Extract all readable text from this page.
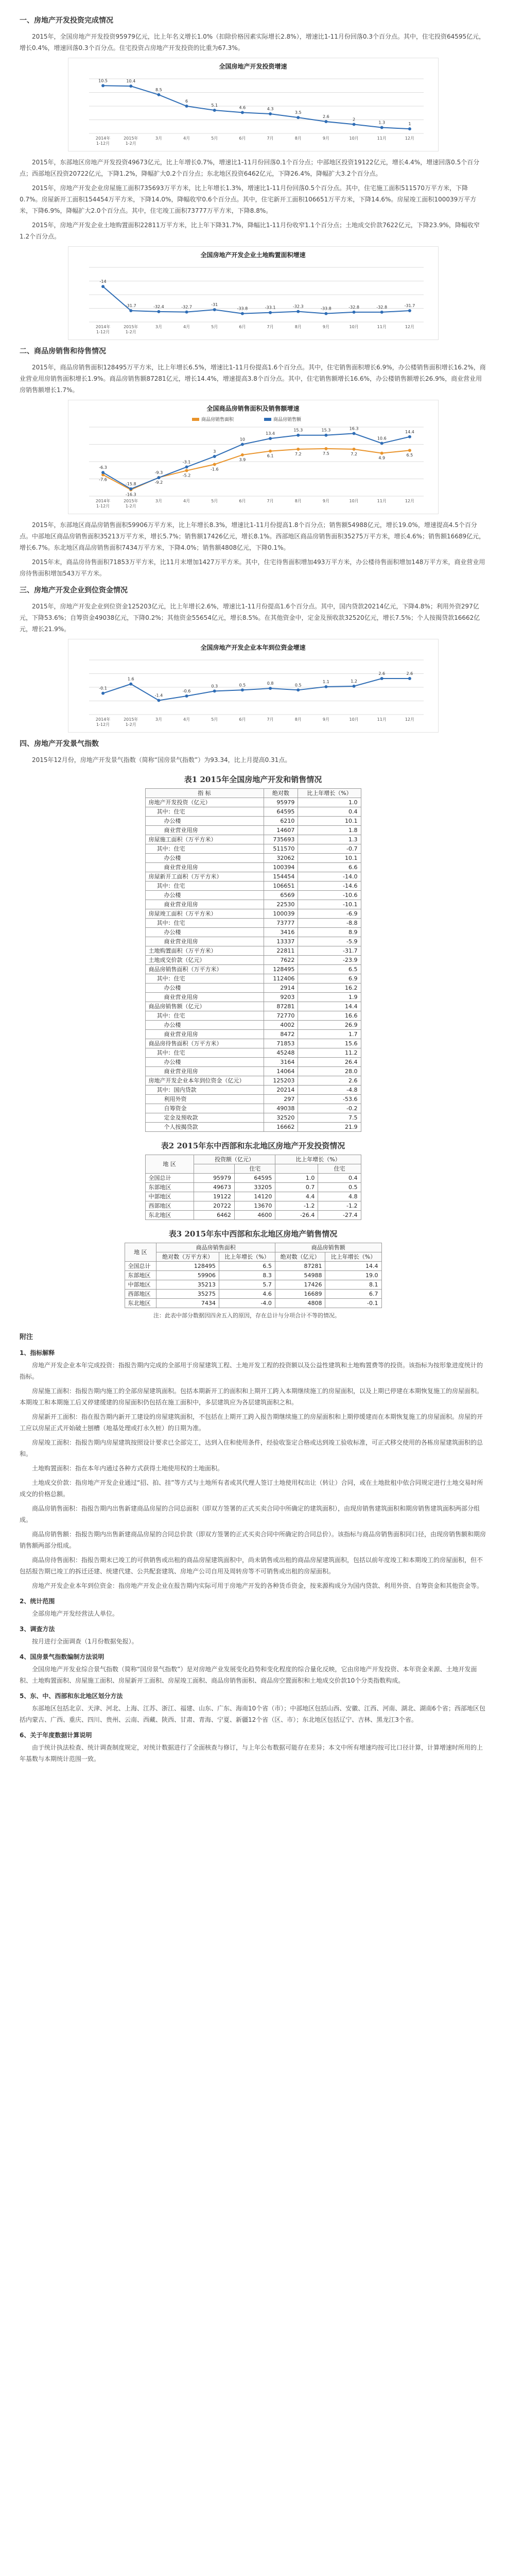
一、房地产开发投资完成情况

2015年，全国房地产开发投资95979亿元，比上年名义增长1.0%（扣除价格因素实际增长2.8%），增速比1-11月份回落0.3个百分点。其中，住宅投资64595亿元，增长0.4%，增速回落0.3个百分点。住宅投资占房地产开发投资的比重为67.3%。

全国房地产开发投资增速
2014年
1-12月
2015年
1-2月
3月	4月	5月	6月	7月	8月	9月	10月	11月	12月
10.5	10.4
8.5
6
5.1	4.6	4.3
3.5
2.6
2
1.3	1

2015年，东部地区房地产开发投资49673亿元，比上年增长0.7%，增速比1-11月份回落0.1个百分点；中部地区投资19122亿元，增长4.4%，增速回落0.5个百分点；西部地区投资20722亿元，下降1.2%，降幅扩大0.2个百分点；东北地区投资6462亿元，下降26.4%，降幅扩大3.2个百分点。

2015年，房地产开发企业房屋施工面积735693万平方米，比上年增长1.3%，增速比1-11月份回落0.5个百分点。其中，住宅施工面积511570万平方米，下降0.7%。房屋新开工面积154454万平方米，下降14.0%，降幅收窄0.6个百分点。其中，住宅新开工面积106651万平方米，下降14.6%。房屋竣工面积100039万平方米，下降6.9%，降幅扩大2.0个百分点。其中，住宅竣工面积73777万平方米，下降8.8%。

2015年，房地产开发企业土地购置面积22811万平方米，比上年下降31.7%，降幅比1-11月份收窄1.1个百分点；土地成交价款7622亿元，下降23.9%，降幅收窄1.2个百分点。

全国房地产开发企业土地购置面积增速
2014年
1-12月
2015年
1-2月
3月	4月	5月	6月	7月	8月	9月	10月	11月	12月
-14
-31.7	-32.4	-32.7
-31
-33.8	-33.1	-32.3	-33.8	-32.8	-32.8	-31.7
二、商品房销售和待售情况

2015年，商品房销售面积128495万平方米，比上年增长6.5%，增速比1-11月份提高1.6个百分点。其中，住宅销售面积增长6.9%，办公楼销售面积增长16.2%，商业营业用房销售面积增长1.9%。商品房销售额87281亿元，增长14.4%，增速提高3.8个百分点。其中，住宅销售额增长16.6%，办公楼销售额增长26.9%，商业营业用房销售额增长1.7%。

全国商品房销售面积及销售额增速
2014年
1-12月
2015年
1-2月
3月	4月	5月	6月	7月	8月	9月	10月	11月	12月
-7.6
-16.3
-9.2
-5.2
-1.6
3.9
6.1	7.2	7.5	7.2
4.9
6.5
-6.3
-15.8
-9.3
-3.1
3
10
13.4
15.3	15.3	16.3
10.6
14.4
商品房销售面积	商品房销售额

2015年，东部地区商品房销售面积59906万平方米，比上年增长8.3%，增速比1-11月份提高1.8个百分点；销售额54988亿元，增长19.0%，增速提高4.5个百分点。中部地区商品房销售面积35213万平方米，增长5.7%；销售额17426亿元，增长8.1%。西部地区商品房销售面积35275万平方米，增长4.6%；销售额16689亿元，增长6.7%。东北地区商品房销售面积7434万平方米，下降4.0%；销售额4808亿元，下降0.1%。

2015年末，商品房待售面积71853万平方米，比11月末增加1427万平方米。其中，住宅待售面积增加493万平方米，办公楼待售面积增加148万平方米，商业营业用房待售面积增加543万平方米。

三、房地产开发企业到位资金情况

2015年，房地产开发企业到位资金125203亿元，比上年增长2.6%，增速比1-11月份提高1.6个百分点。其中，国内贷款20214亿元，下降4.8%；利用外资297亿元，下降53.6%；自筹资金49038亿元，下降0.2%；其他资金55654亿元，增长8.5%。在其他资金中，定金及预收款32520亿元，增长7.5%；个人按揭贷款16662亿元，增长21.9%。

全国房地产开发企业本年到位资金增速
2014年
1-12月
2015年
1-2月
3月	4月	5月	6月	7月	8月	9月	10月	11月	12月
-0.1
1.6
-1.4
-0.6
0.3	0.5	0.8	0.5
1.1	1.2
2.6	2.6
四、房地产开发景气指数

2015年12月份，房地产开发景气指数（简称“国房景气指数”）为93.34，比上月提高0.31点。

表1 2015年全国房地产开发和销售情况
指 标	绝对数	比上年增长（%）
房地产开发投资（亿元）	95979	1.0
其中：住宅	64595	0.4
办公楼	6210	10.1
商业营业用房	14607	1.8
房屋施工面积（万平方米）	735693	1.3
其中：住宅	511570	-0.7
办公楼	32062	10.1
商业营业用房	100394	6.6
房屋新开工面积（万平方米）	154454	-14.0
其中：住宅	106651	-14.6
办公楼	6569	-10.6
商业营业用房	22530	-10.1
房屋竣工面积（万平方米）	100039	-6.9
其中：住宅	73777	-8.8
办公楼	3416	8.9
商业营业用房	13337	-5.9
土地购置面积（万平方米）	22811	-31.7
土地成交价款（亿元）	7622	-23.9
商品房销售面积（万平方米）	128495	6.5
其中：住宅	112406	6.9
办公楼	2914	16.2
商业营业用房	9203	1.9
商品房销售额（亿元）	87281	14.4
其中：住宅	72770	16.6
办公楼	4002	26.9
商业营业用房	8472	1.7
商品房待售面积（万平方米）	71853	15.6
其中：住宅	45248	11.2
办公楼	3164	26.4
商业营业用房	14064	28.0
房地产开发企业本年到位资金（亿元）	125203	2.6
其中：国内贷款	20214	-4.8
利用外资	297	-53.6
自筹资金	49038	-0.2
定金及预收款	32520	7.5
个人按揭贷款	16662	21.9
表2 2015年东中西部和东北地区房地产开发投资情况
地 区	投资额（亿元）		比上年增长（%）	
		住宅		住宅
全国总计	95979	64595	1.0	0.4
东部地区	49673	33205	0.7	0.5
中部地区	19122	14120	4.4	4.8
西部地区	20722	13670	-1.2	-1.2
东北地区	6462	4600	-26.4	-27.4
表3 2015年东中西部和东北地区房地产销售情况
地 区	商品房销售面积		商品房销售额	
	绝对数（万平方米）	比上年增长（%）	绝对数（亿元）	比上年增长（%）
全国总计	128495	6.5	87281	14.4
东部地区	59906	8.3	54988	19.0
中部地区	35213	5.7	17426	8.1
西部地区	35275	4.6	16689	6.7
东北地区	7434	-4.0	4808	-0.1
注：此表中部分数据因四舍五入的原因，存在总计与分项合计不等的情况。
附注
1、指标解释

房地产开发企业本年完成投资：指报告期内完成的全部用于房屋建筑工程、土地开发工程的投资额以及公益性建筑和土地购置费等的投资。该指标为按形象进度统计的指标。

房屋施工面积：指报告期内施工的全部房屋建筑面积。包括本期新开工的面积和上期开工跨入本期继续施工的房屋面积，以及上期已停建在本期恢复施工的房屋面积。本期竣工和本期施工后又停建缓建的房屋面积仍包括在施工面积中，多层建筑应为各层建筑面积之和。

房屋新开工面积：指在报告期内新开工建设的房屋建筑面积，不包括在上期开工跨入报告期继续施工的房屋面积和上期停缓建而在本期恢复施工的房屋面积。房屋的开工应以房屋正式开始破土刨槽（地基处理或打永久桩）的日期为准。

房屋竣工面积：指报告期内房屋建筑按照设计要求已全部完工，达到入住和使用条件，经验收鉴定合格或达到竣工验收标准，可正式移交使用的各栋房屋建筑面积的总和。

土地购置面积：指在本年内通过各种方式获得土地使用权的土地面积。

土地成交价款：指房地产开发企业通过“招、拍、挂”等方式与土地所有者或其代理人签订土地使用权出让（转让）合同，或在土地批租中依合同规定进行土地交易时所成交的价格总额。

商品房销售面积：指报告期内出售新建商品房屋的合同总面积（即双方签署的正式买卖合同中所确定的建筑面积），由现房销售建筑面积和期房销售建筑面积两部分组成。

商品房销售额：指报告期内出售新建商品房屋的合同总价款（即双方签署的正式买卖合同中所确定的合同总价）。该指标与商品房销售面积同口径，由现房销售额和期房销售额两部分组成。

商品房待售面积：指报告期末已竣工的可供销售或出租的商品房屋建筑面积中，尚未销售或出租的商品房屋建筑面积，包括以前年度竣工和本期竣工的房屋面积，但不包括报告期已竣工的拆迁还建、统建代建、公共配套建筑、房地产公司自用及周转房等不可销售或出租的房屋面积。

房地产开发企业本年到位资金：指房地产开发企业在报告期内实际可用于房地产开发的各种货币资金，按来源构成分为国内贷款、利用外资、自筹资金和其他资金等。

2、统计范围

全部房地产开发经营法人单位。

3、调查方法

按月进行全面调查（1月份数据免报）。

4、国房景气指数编制方法说明

全国房地产开发业综合景气指数（简称“国房景气指数”）是对房地产业发展变化趋势和变化程度的综合量化反映，它由房地产开发投资、本年资金来源、土地开发面积、土地购置面积、房屋施工面积、房屋新开工面积、房屋竣工面积、商品房销售面积、商品房空置面积和土地成交价款10个分类指数构成。

5、东、中、西部和东北地区划分方法

东部地区包括北京、天津、河北、上海、江苏、浙江、福建、山东、广东、海南10个省（市）；中部地区包括山西、安徽、江西、河南、湖北、湖南6个省；西部地区包括内蒙古、广西、重庆、四川、贵州、云南、西藏、陕西、甘肃、青海、宁夏、新疆12个省（区、市）；东北地区包括辽宁、吉林、黑龙江3个省。

6、关于年度数据计算说明

由于统计执法检查、统计调查制度规定，对统计数据进行了全面核查与修订，与上年公布数据可能存在差异；本文中所有增速均按可比口径计算，计算增速时所用的上年基数与本期统计范围一致。
